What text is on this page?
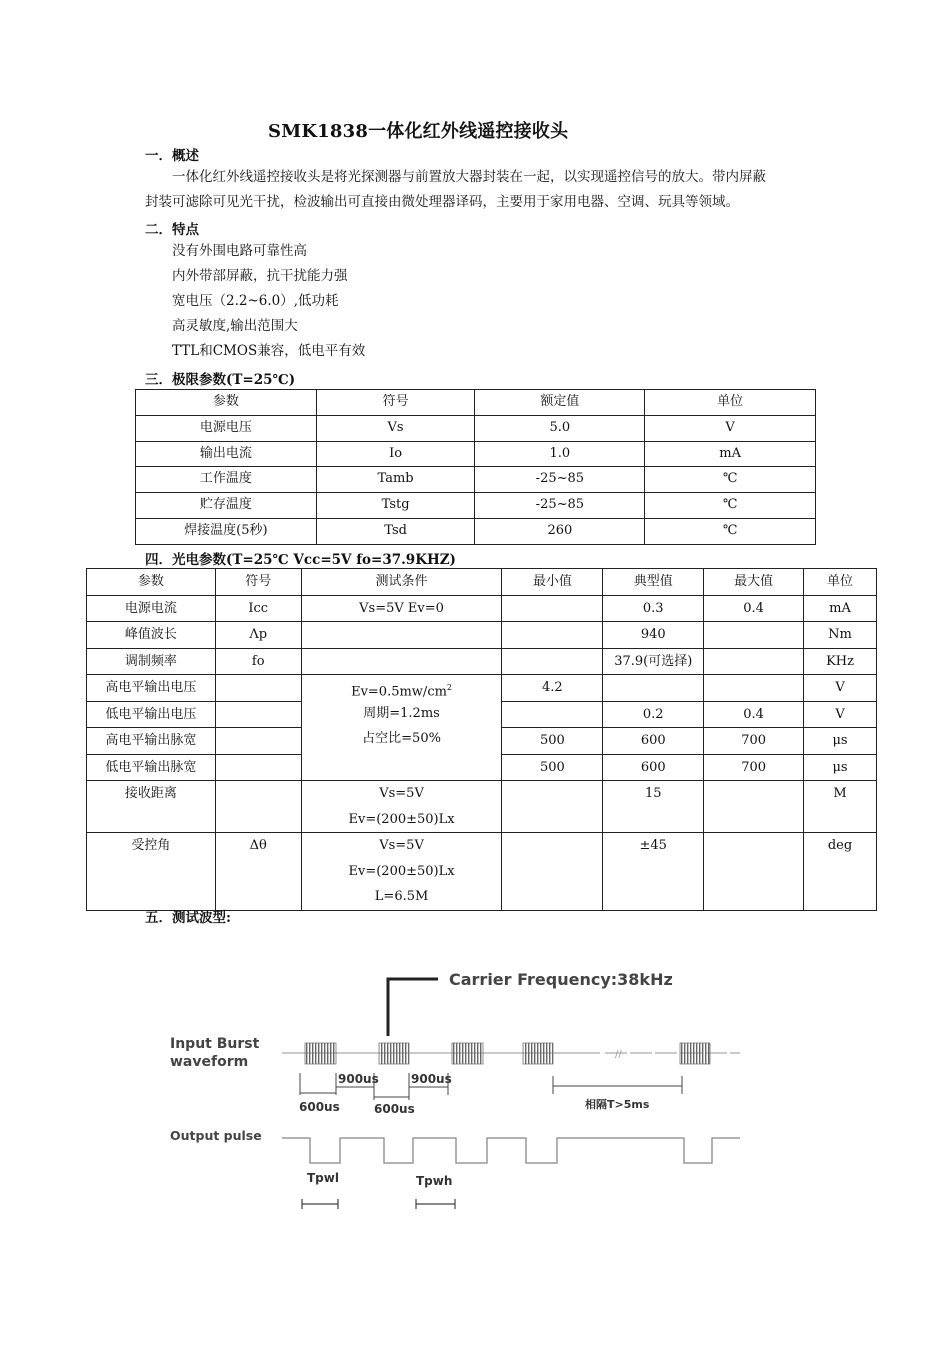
SMK1838一体化红外线遥控接收头
一．概述
一体化红外线遥控接收头是将光探测器与前置放大器封装在一起，以实现遥控信号的放大。带内屏蔽
封装可滤除可见光干扰，检波输出可直接由微处理器译码，主要用于家用电器、空调、玩具等领域。
二．特点
没有外围电路可靠性高
内外带部屏蔽，抗干扰能力强
宽电压（2.2~6.0）,低功耗
高灵敏度,输出范围大
TTL和CMOS兼容，低电平有效
三．极限参数(T=25℃)
参数	符号	额定值	单位
电源电压	Vs	5.0	V
输出电流	Io	1.0	mA
工作温度	Tamb	-25~85	℃
贮存温度	Tstg	-25~85	℃
焊接温度(5秒)	Tsd	260	℃
四．光电参数(T=25℃ Vcc=5V fo=37.9KHZ)
参数	符号	测试条件	最小值	典型值	最大值	单位
电源电流	Icc	Vs=5V Ev=0		0.3	0.4	mA
峰值波长	Λp			940		Nm
调制频率	fo			37.9(可选择)		KHz
高电平输出电压		$Ev=0.5mw/cm^2$
周期=1.2ms
占空比=50%	4.2			V
低电平输出电压				0.2	0.4	V
高电平输出脉宽			500	600	700	μs
低电平输出脉宽			500	600	700	μs
接收距离		Vs=5V
Ev=(200±50)Lx		15		M
受控角	Δθ	Vs=5V
Ev=(200±50)Lx
L=6.5M		±45		deg
五．测试波型:
Carrier Frequency:38kHz
Input Burst
waveform	//
900us	900us
600us	600us	相隔T>5ms
Output pulse
Tpwl	Tpwh
